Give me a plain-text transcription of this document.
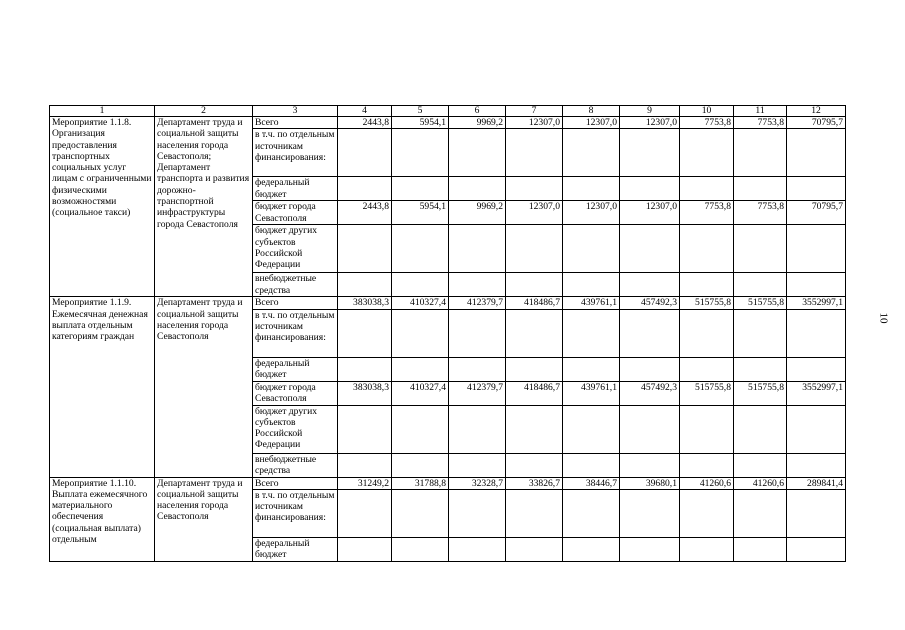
1	2	3	4	5	6	7	8	9	10	11	12
Мероприятие 1.1.8. Организация предоставления транспортных социальных услуг лицам с ограниченными физическими возможностями (социальное такси)	Департамент труда и социальной защиты населения города Севастополя; Департамент транспорта и развития дорожно-транспортной инфраструктуры города Севастополя	Всего	2443,8	5954,1	9969,2	12307,0	12307,0	12307,0	7753,8	7753,8	70795,7
		в т.ч. по отдельным источникам финансирования:									
		федеральный бюджет									
		бюджет города Севастополя	2443,8	5954,1	9969,2	12307,0	12307,0	12307,0	7753,8	7753,8	70795,7
		бюджет других субъектов Российской Федерации									
		внебюджетные средства									
Мероприятие 1.1.9. Ежемесячная денежная выплата отдельным категориям граждан	Департамент труда и социальной защиты населения города Севастополя	Всего	383038,3	410327,4	412379,7	418486,7	439761,1	457492,3	515755,8	515755,8	3552997,1
		в т.ч. по отдельным источникам финансирования:									
		федеральный бюджет									
		бюджет города Севастополя	383038,3	410327,4	412379,7	418486,7	439761,1	457492,3	515755,8	515755,8	3552997,1
		бюджет других субъектов Российской Федерации									
		внебюджетные средства									
Мероприятие 1.1.10. Выплата ежемесячного материального обеспечения (социальная выплата) отдельным	Департамент труда и социальной защиты населения города Севастополя	Всего	31249,2	31788,8	32328,7	33826,7	38446,7	39680,1	41260,6	41260,6	289841,4
		в т.ч. по отдельным источникам финансирования:									
		федеральный бюджет									
10
